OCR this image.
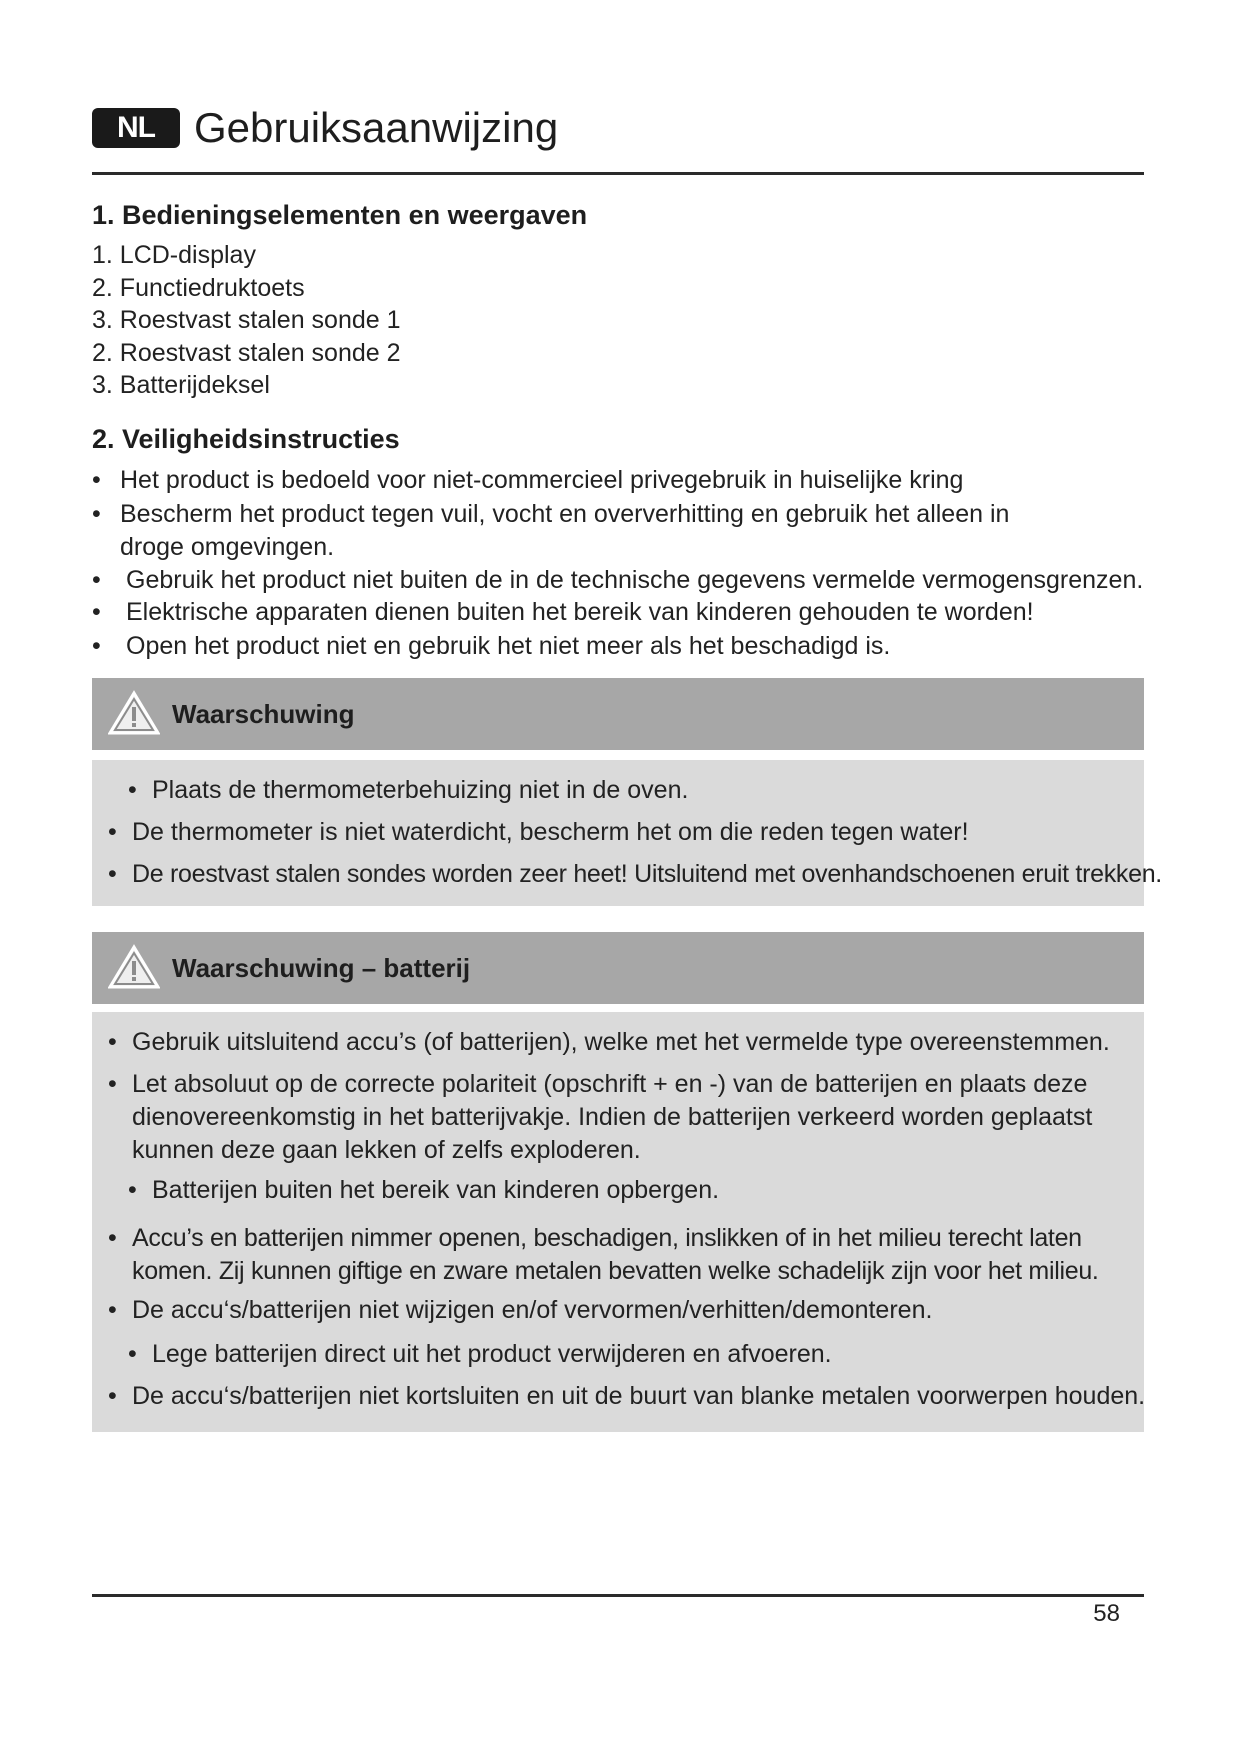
NL Gebruiksaanwijzing
1. Bedieningselementen en weergaven
1. LCD-display
2. Functiedruktoets
3. Roestvast stalen sonde 1
2. Roestvast stalen sonde 2
3. Batterijdeksel
2. Veiligheidsinstructies
• Het product is bedoeld voor niet-commercieel privegebruik in huiselijke kring
• Bescherm het product tegen vuil, vocht en oververhitting en gebruik het alleen in droge omgevingen.
•	Gebruik het product niet buiten de in de technische gegevens vermelde vermogensgrenzen.
•	Elektrische apparaten dienen buiten het bereik van kinderen gehouden te worden!
•	Open het product niet en gebruik het niet meer als het beschadigd is.
Waarschuwing
• Plaats de thermometerbehuizing niet in de oven.
• De thermometer is niet waterdicht, bescherm het om die reden tegen water!
• De roestvast stalen sondes worden zeer heet! Uitsluitend met ovenhandschoenen eruit trekken.
Waarschuwing – batterij
• Gebruik uitsluitend accu’s (of batterijen), welke met het vermelde type overeenstemmen.
• Let absoluut op de correcte polariteit (opschrift + en -) van de batterijen en plaats deze dienovereenkomstig in het batterijvakje. Indien de batterijen verkeerd worden geplaatst kunnen deze gaan lekken of zelfs exploderen.
• Batterijen buiten het bereik van kinderen opbergen.
• Accu’s en batterijen nimmer openen, beschadigen, inslikken of in het milieu terecht laten komen. Zij kunnen giftige en zware metalen bevatten welke schadelijk zijn voor het milieu.
• De accu‘s/batterijen niet wijzigen en/of vervormen/verhitten/demonteren.
• Lege batterijen direct uit het product verwijderen en afvoeren.
• De accu‘s/batterijen niet kortsluiten en uit de buurt van blanke metalen voorwerpen houden.
58
